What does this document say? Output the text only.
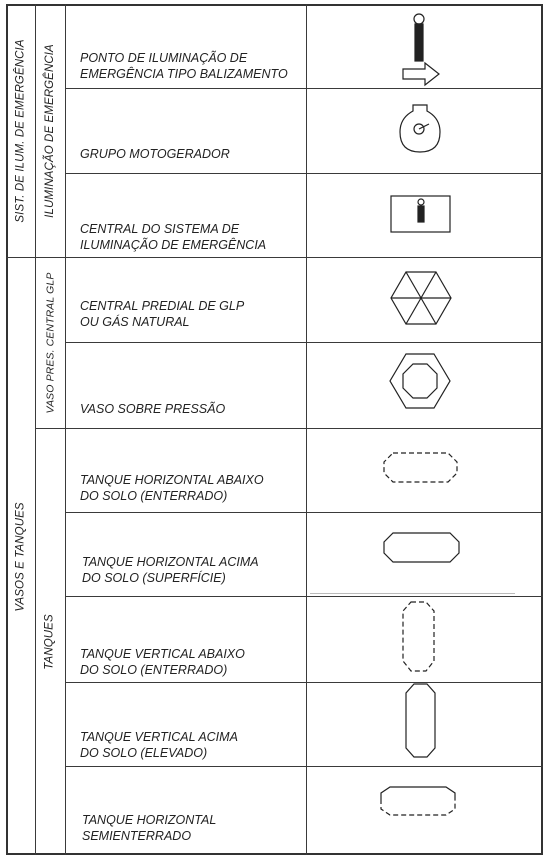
SIST. DE ILUM. DE EMERGÊNCIA ILUMINAÇÃO DE EMERGÊNCIA
VASOS E TANQUES
VASO PRES. CENTRAL GLP
TANQUES
PONTO DE ILUMINAÇÃO DE
EMERGÊNCIA TIPO BALIZAMENTO
GRUPO MOTOGERADOR
CENTRAL DO SISTEMA DE
ILUMINAÇÃO DE EMERGÊNCIA
CENTRAL PREDIAL DE GLP
OU GÁS NATURAL
VASO SOBRE PRESSÃO
TANQUE HORIZONTAL ABAIXO
DO SOLO (ENTERRADO)
TANQUE HORIZONTAL ACIMA
DO SOLO (SUPERFÍCIE)
TANQUE VERTICAL ABAIXO
DO SOLO (ENTERRADO)
TANQUE VERTICAL ACIMA
DO SOLO (ELEVADO)
TANQUE HORIZONTAL
SEMIENTERRADO
